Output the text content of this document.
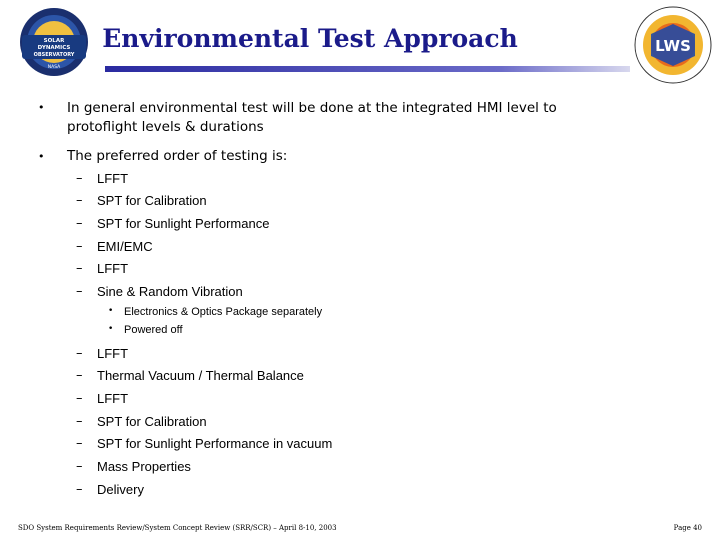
SOLAR
DYNAMICS
OBSERVATORY
NASA
Environmental Test Approach	LWS
• In general environmental test will be done at the integrated HMI level to protoflight levels & durations
• The preferred order of testing is:
– LFFT
– SPT for Calibration
– SPT for Sunlight Performance
– EMI/EMC
– LFFT
– Sine & Random Vibration
• Electronics & Optics Package separately
• Powered off
– LFFT
– Thermal Vacuum / Thermal Balance
– LFFT
– SPT for Calibration
– SPT for Sunlight Performance in vacuum
– Mass Properties
– Delivery
SDO System Requirements Review/System Concept Review (SRR/SCR) – April 8-10, 2003	Page 40
